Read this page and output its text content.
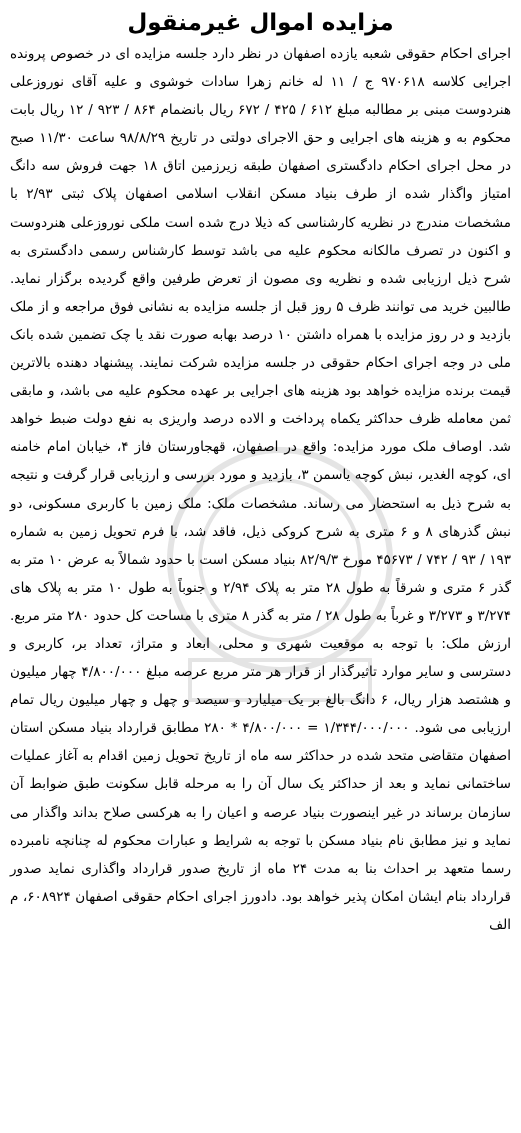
مزایده اموال غیرمنقول

اجرای احکام حقوقی شعبه یازده اصفهان در نظر دارد جلسه مزایده ای در خصوص پرونده اجرایی کلاسه ۹۷۰۶۱۸ ج / ۱۱ له خانم زهرا سادات خوشوی و علیه آقای نوروزعلی هنردوست مبنی بر مطالبه مبلغ ۶۱۲ / ۴۲۵ / ۶۷۲ ریال بانضمام ۸۶۴ / ۹۲۳ / ۱۲ ریال بابت محکوم به و هزینه های اجرایی و حق الاجرای دولتی در تاریخ ۹۸/۸/۲۹ ساعت ۱۱/۳۰ صبح در محل اجرای احکام دادگستری اصفهان طبقه زیرزمین اتاق ۱۸ جهت فروش سه دانگ امتیاز واگذار شده از طرف بنیاد مسکن انقلاب اسلامی اصفهان پلاک ثبتی ۲/۹۳ با مشخصات مندرج در نظریه کارشناسی که ذیلا درج شده است ملکی نوروزعلی هنردوست و اکنون در تصرف مالکانه محکوم علیه می باشد توسط کارشناس رسمی دادگستری به شرح ذیل ارزیابی شده و نظریه وی مصون از تعرض طرفین واقع گردیده برگزار نماید. طالبین خرید می توانند ظرف ۵ روز قبل از جلسه مزایده به نشانی فوق مراجعه و از ملک بازدید و در روز مزایده با همراه داشتن ۱۰ درصد بهابه صورت نقد یا چک تضمین شده بانک ملی در وجه اجرای احکام حقوقی در جلسه مزایده شرکت نمایند. پیشنهاد دهنده بالاترین قیمت برنده مزایده خواهد بود هزینه های اجرایی بر عهده محکوم علیه می باشد، و مابقی ثمن معامله ظرف حداکثر یکماه پرداخت و الاده درصد واریزی به نفع دولت ضبط خواهد شد. اوصاف ملک مورد مزایده: واقع در اصفهان، قهجاورستان فاز ۴، خیابان امام خامنه ای، کوچه الغدیر، نبش کوچه یاسمن ۳، بازدید و مورد بررسی و ارزیابی قرار گرفت و نتیجه به شرح ذیل به استحضار می رساند. مشخصات ملک: ملک زمین با کاربری مسکونی، دو نبش گذرهای ۸ و ۶ متری به شرح کروکی ذیل، فاقد شد، با فرم تحویل زمین به شماره ۱۹۳ / ۹۳ / ۷۴۲ / ۴۵۶۷۳ مورخ ۸۲/۹/۳ بنیاد مسکن است با حدود شمالاً به عرض ۱۰ متر به گذر ۶ متری و شرقاً به طول ۲۸ متر به پلاک ۲/۹۴ و جنوباً به طول ۱۰ متر به پلاک های ۳/۲۷۴ و ۳/۲۷۳ و غرباً به طول ۲۸ / متر به گذر ۸ متری با مساحت کل حدود ۲۸۰ متر مربع. ارزش ملک: با توجه به موقعیت شهری و محلی، ابعاد و متراژ، تعداد بر، کاربری و دسترسی و سایر موارد تاثیرگذار از قرار هر متر مربع عرصه مبلغ ۴/۸۰۰/۰۰۰ چهار میلیون و هشتصد هزار ریال، ۶ دانگ بالغ بر یک میلیارد و سیصد و چهل و چهار میلیون ریال تمام ارزیابی می شود. ۱/۳۴۴/۰۰۰/۰۰۰ = ۴/۸۰۰/۰۰۰ * ۲۸۰ مطابق قرارداد بنیاد مسکن استان اصفهان متقاضی متحد شده در حداکثر سه ماه از تاریخ تحویل زمین اقدام به آغاز عملیات ساختمانی نماید و بعد از حداکثر یک سال آن را به مرحله قابل سکونت طبق ضوابط آن سازمان برساند در غیر اینصورت بنیاد عرصه و اعیان را به هرکسی صلاح بداند واگذار می نماید و نیز مطابق نام بنیاد مسکن با توجه به شرایط و عبارات محکوم له چنانچه نامبرده رسما متعهد بر احداث بنا به مدت ۲۴ ماه از تاریخ صدور قرارداد واگذاری نماید صدور قرارداد بنام ایشان امکان پذیر خواهد بود. دادورز اجرای احکام حقوقی اصفهان ۶۰۸۹۲۴، م الف
